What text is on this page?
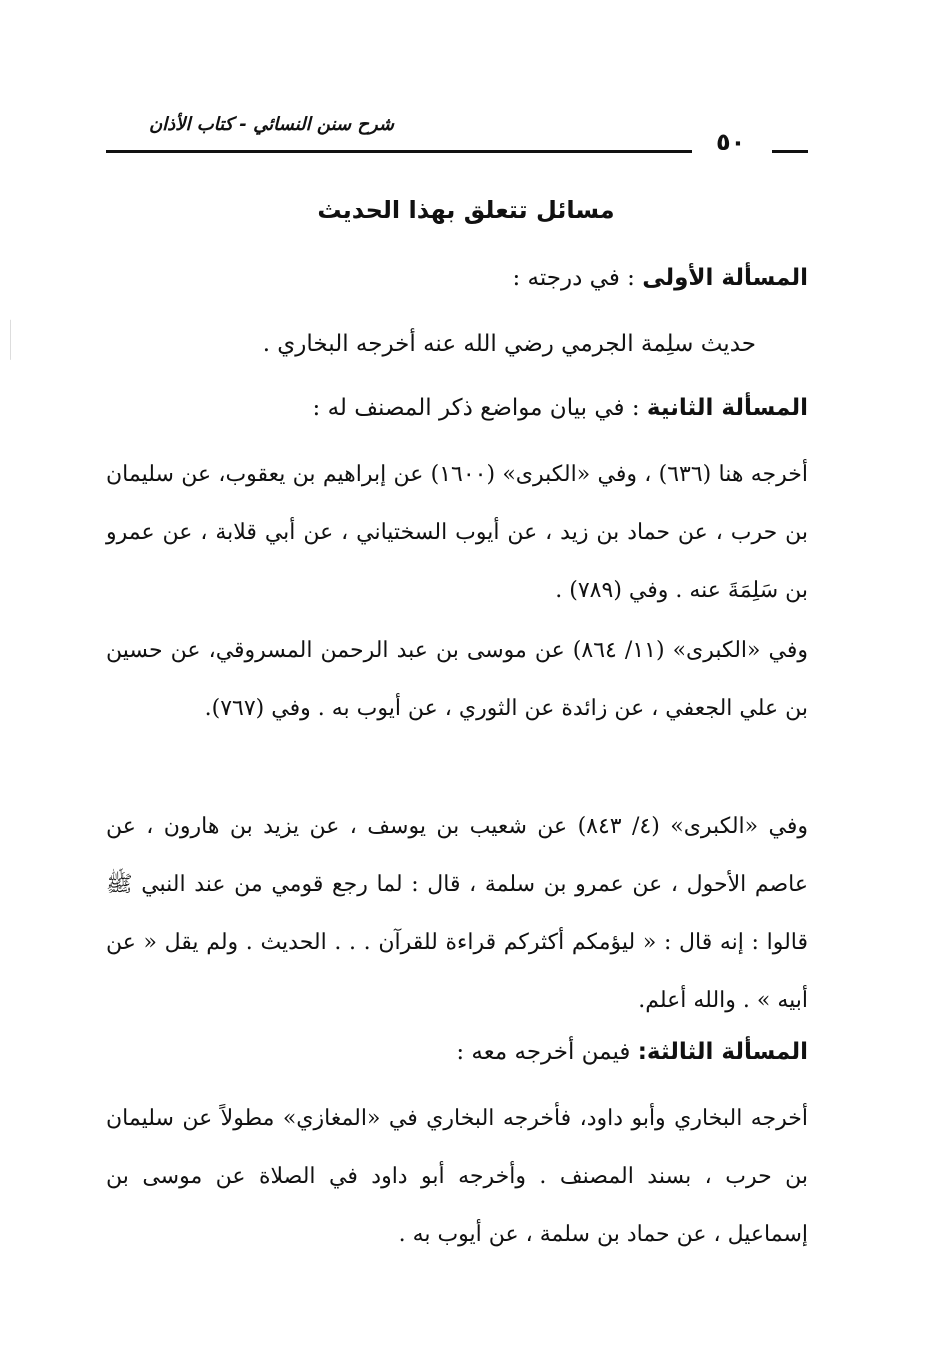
شرح سنن النسائي - كتاب الأذان
٥٠
مسائل تتعلق بهذا الحديث
المسألة الأولى : في درجته :
حديث سلِمة الجرمي رضي الله عنه أخرجه البخاري .
المسألة الثانية : في بيان مواضع ذكر المصنف له :
أخرجه هنا (٦٣٦) ، وفي «الكبرى» (١٦٠٠) عن إبراهيم بن يعقوب، عن سليمان بن حرب ، عن حماد بن زيد ، عن أيوب السختياني ، عن أبي قلابة ، عن عمرو بن سَلِمَةَ عنه . وفي (٧٨٩) .
وفي «الكبرى» (١١/ ٨٦٤) عن موسى بن عبد الرحمن المسروقي، عن حسين بن علي الجعفي ، عن زائدة عن الثوري ، عن أيوب به . وفي (٧٦٧).
وفي «الكبرى» (٤/ ٨٤٣) عن شعيب بن يوسف ، عن يزيد بن هارون ، عن عاصم الأحول ، عن عمرو بن سلمة ، قال : لما رجع قومي من عند النبي ﷺ قالوا : إنه قال : « ليؤمكم أكثركم قراءة للقرآن . . . الحديث . ولم يقل « عن أبيه » . والله أعلم.
المسألة الثالثة: فيمن أخرجه معه :
أخرجه البخاري وأبو داود، فأخرجه البخاري في «المغازي» مطولاً عن سليمان بن حرب ، بسند المصنف . وأخرجه أبو داود في الصلاة عن موسى بن إسماعيل ، عن حماد بن سلمة ، عن أيوب به .
